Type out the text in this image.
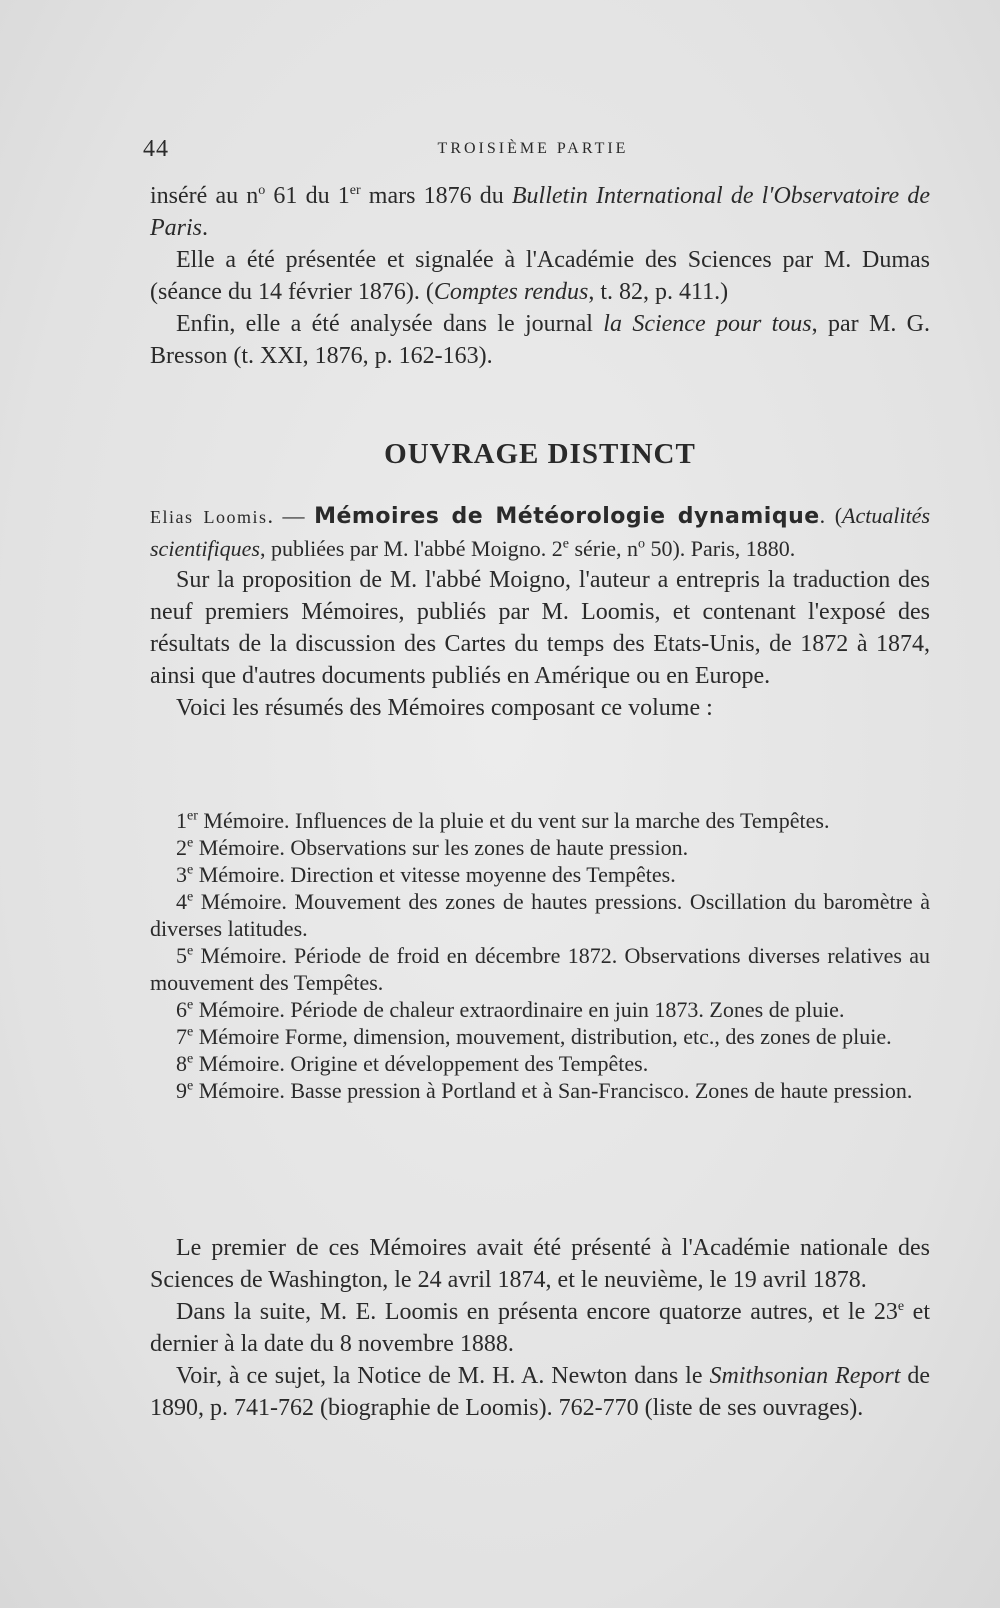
44	TROISIÈME PARTIE

inséré au $n^o$ 61 du 1er mars 1876 du Bulletin International de l'Observatoire de Paris.

Elle a été présentée et signalée à l'Académie des Sciences par M. Dumas (séance du 14 février 1876). (Comptes rendus, t. 82, p. 411.)

Enfin, elle a été analysée dans le journal la Science pour tous, par M. G. Bresson (t. XXI, 1876, p. 162-163).

OUVRAGE DISTINCT

Elias Loomis. — Mémoires de Météorologie dynamique. (Actualités scientifiques, publiées par M. l'abbé Moigno. 2e série, $n^o$ 50). Paris, 1880.

Sur la proposition de M. l'abbé Moigno, l'auteur a entrepris la traduction des neuf premiers Mémoires, publiés par M. Loomis, et contenant l'exposé des résultats de la discussion des Cartes du temps des Etats-Unis, de 1872 à 1874, ainsi que d'autres documents publiés en Amérique ou en Europe.

Voici les résumés des Mémoires composant ce volume :

1er Mémoire. Influences de la pluie et du vent sur la marche des Tempêtes.

2e Mémoire. Observations sur les zones de haute pression.

3e Mémoire. Direction et vitesse moyenne des Tempêtes.

4e Mémoire. Mouvement des zones de hautes pressions. Oscillation du baromètre à diverses latitudes.

5e Mémoire. Période de froid en décembre 1872. Observations diverses relatives au mouvement des Tempêtes.

6e Mémoire. Période de chaleur extraordinaire en juin 1873. Zones de pluie.

7e Mémoire Forme, dimension, mouvement, distribution, etc., des zones de pluie.

8e Mémoire. Origine et développement des Tempêtes.

9e Mémoire. Basse pression à Portland et à San-Francisco. Zones de haute pression.

Le premier de ces Mémoires avait été présenté à l'Académie nationale des Sciences de Washington, le 24 avril 1874, et le neuvième, le 19 avril 1878.

Dans la suite, M. E. Loomis en présenta encore quatorze autres, et le 23e et dernier à la date du 8 novembre 1888.

Voir, à ce sujet, la Notice de M. H. A. Newton dans le Smithsonian Report de 1890, p. 741-762 (biographie de Loomis). 762-770 (liste de ses ouvrages).
